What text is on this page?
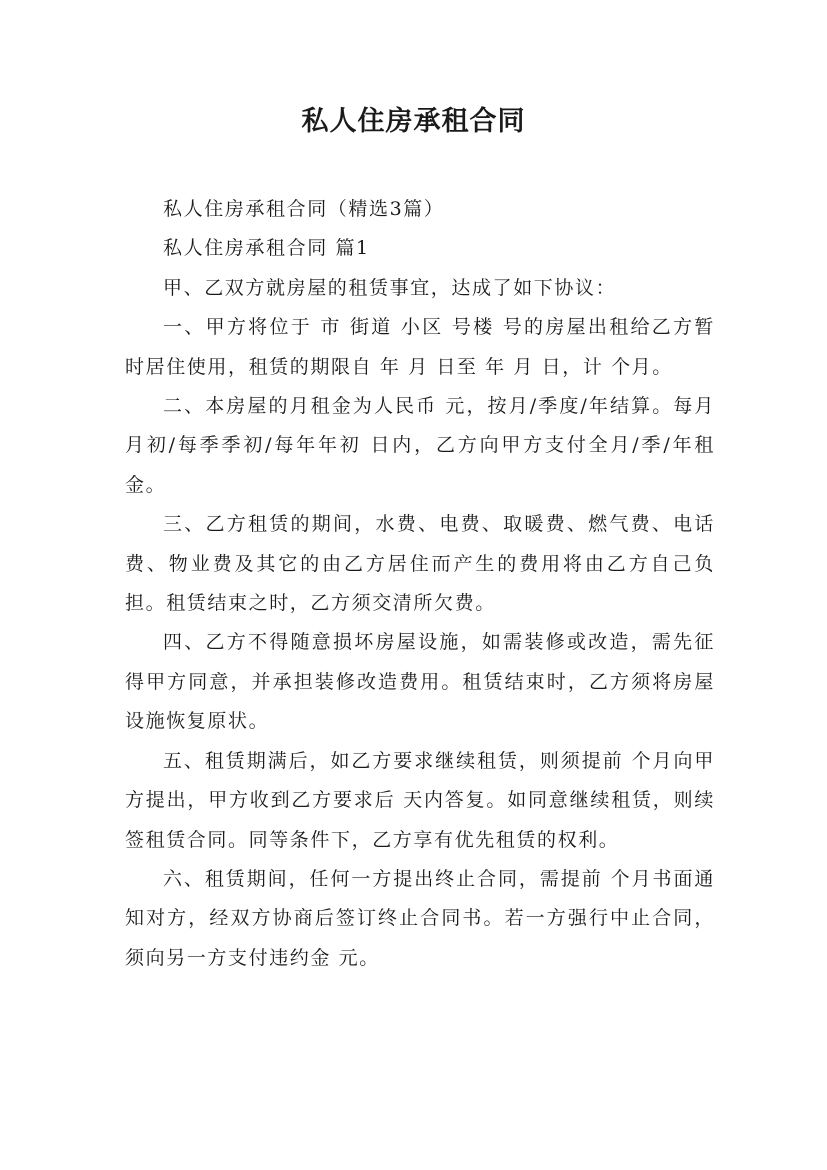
私人住房承租合同

私人住房承租合同（精选3篇）

私人住房承租合同 篇1

甲、乙双方就房屋的租赁事宜，达成了如下协议：

一、甲方将位于 市 街道 小区 号楼 号的房屋出租给乙方暂时居住使用，租赁的期限自 年 月 日至 年 月 日，计 个月。

二、本房屋的月租金为人民币 元，按月/季度/年结算。每月月初/每季季初/每年年初 日内，乙方向甲方支付全月/季/年租金。

三、乙方租赁的期间，水费、电费、取暖费、燃气费、电话费、物业费及其它的由乙方居住而产生的费用将由乙方自己负担。租赁结束之时，乙方须交清所欠费。

四、乙方不得随意损坏房屋设施，如需装修或改造，需先征得甲方同意，并承担装修改造费用。租赁结束时，乙方须将房屋设施恢复原状。

五、租赁期满后，如乙方要求继续租赁，则须提前 个月向甲方提出，甲方收到乙方要求后 天内答复。如同意继续租赁，则续签租赁合同。同等条件下，乙方享有优先租赁的权利。

六、租赁期间，任何一方提出终止合同，需提前 个月书面通知对方，经双方协商后签订终止合同书。若一方强行中止合同，须向另一方支付违约金 元。
